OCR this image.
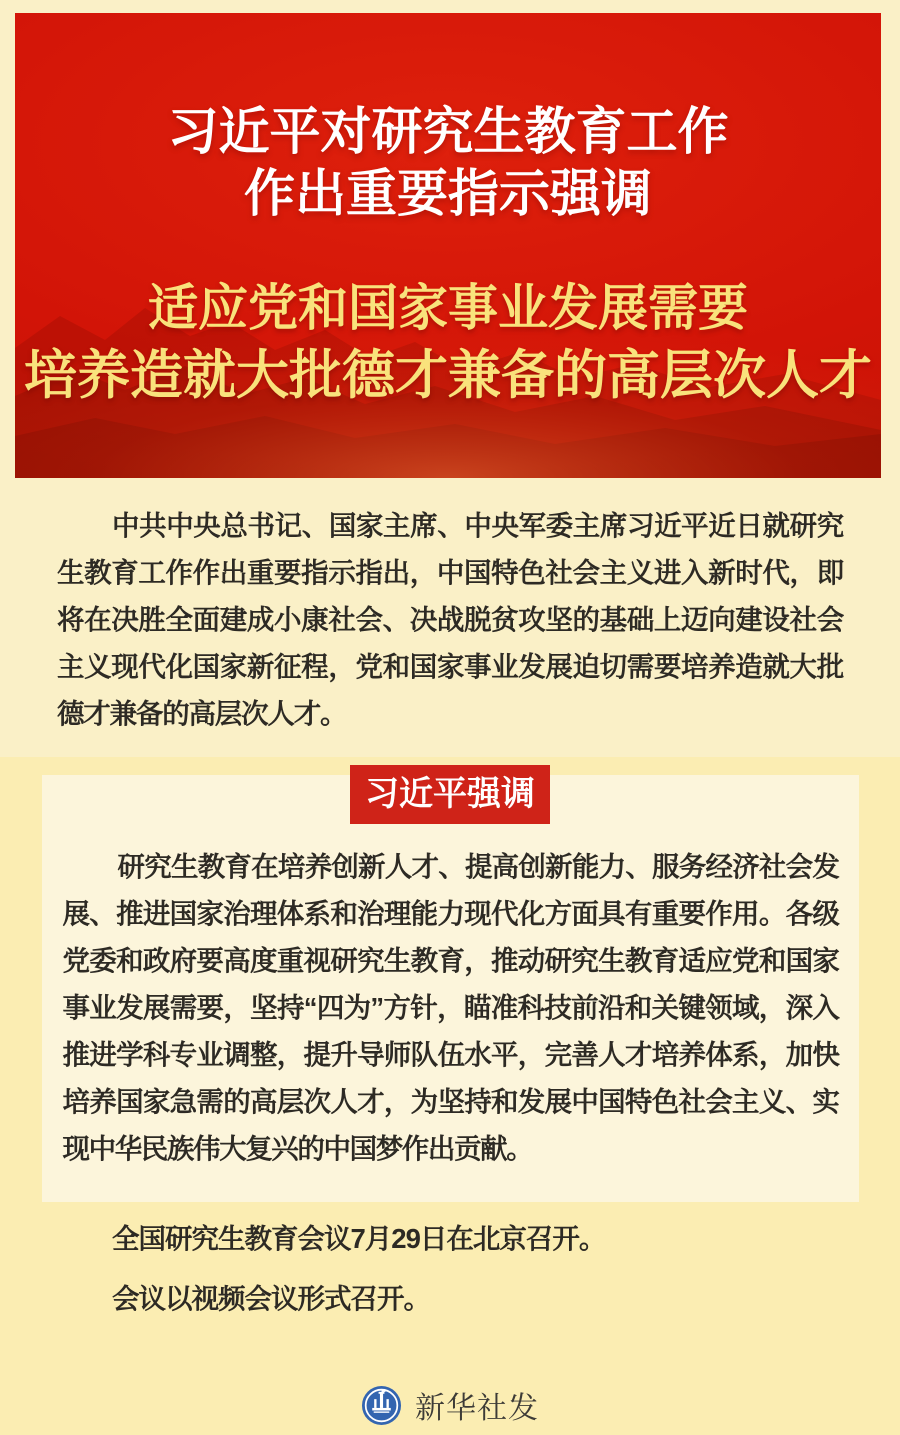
习近平对研究生教育工作
作出重要指示强调
适应党和国家事业发展需要
培养造就大批德才兼备的高层次人才

中共中央总书记、国家主席、中央军委主席习近平近日就研究生教育工作作出重要指示指出，中国特色社会主义进入新时代，即将在决胜全面建成小康社会、决战脱贫攻坚的基础上迈向建设社会主义现代化国家新征程，党和国家事业发展迫切需要培养造就大批德才兼备的高层次人才。

习近平强调

研究生教育在培养创新人才、提高创新能力、服务经济社会发展、推进国家治理体系和治理能力现代化方面具有重要作用。各级党委和政府要高度重视研究生教育，推动研究生教育适应党和国家事业发展需要，坚持“四为”方针，瞄准科技前沿和关键领域，深入推进学科专业调整，提升导师队伍水平，完善人才培养体系，加快培养国家急需的高层次人才，为坚持和发展中国特色社会主义、实现中华民族伟大复兴的中国梦作出贡献。

全国研究生教育会议7月29日在北京召开。

会议以视频会议形式召开。

新华社发
